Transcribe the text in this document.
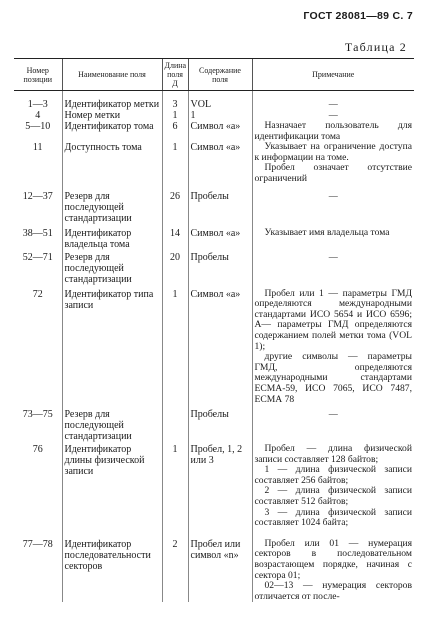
ГОСТ 28081—89 С. 7
Таблица 2
Номер позиции	Наименование поля	Длина поля Д	Содержание поля	Примечание
1—3	Идентификатор метки	3	VOL	—

4	Номер метки	1	1	—

5—10	Идентификатор тома	6	Символ «а»	Назначает пользователь для идентификации тома

11	Доступность тома	1	Символ «а»	Указывает на ограничение доступа к информации на томе.

Пробел означает отсутствие ограничений

12—37	Резерв для последующей стандартизации	26	Пробелы	—

38—51	Идентификатор владельца тома	14	Символ «а»	Указывает имя владельца тома

52—71	Резерв для последующей стандартизации	20	Пробелы	—

72	Идентификатор типа записи	1	Символ «а»	Пробел или 1 — параметры ГМД определяются международными стандартами ИСО 5654 и ИСО 6596; A— параметры ГМД определяются содержанием полей метки тома (VOL 1);

другие символы — параметры ГМД, определяются международными стандартами ЕСМА-59, ИСО 7065, ИСО 7487, ЕСМА 78

73—75	Резерв для последующей стандартизации		Пробелы	—

76	Идентификатор длины физической записи	1	Пробел, 1, 2 или 3	Пробел — длина физической записи составляет 128 байтов;

1 — длина физической записи составляет 256 байтов;

2 — длина физической записи составляет 512 байтов;

3 — длина физической записи составляет 1024 байта;

77—78	Идентификатор последовательности секторов	2	Пробел или символ «n»	Пробел или 01 — нумерация секторов в последовательном возрастающем порядке, начиная с сектора 01;

02—13 — нумерация секторов отличается от после-
